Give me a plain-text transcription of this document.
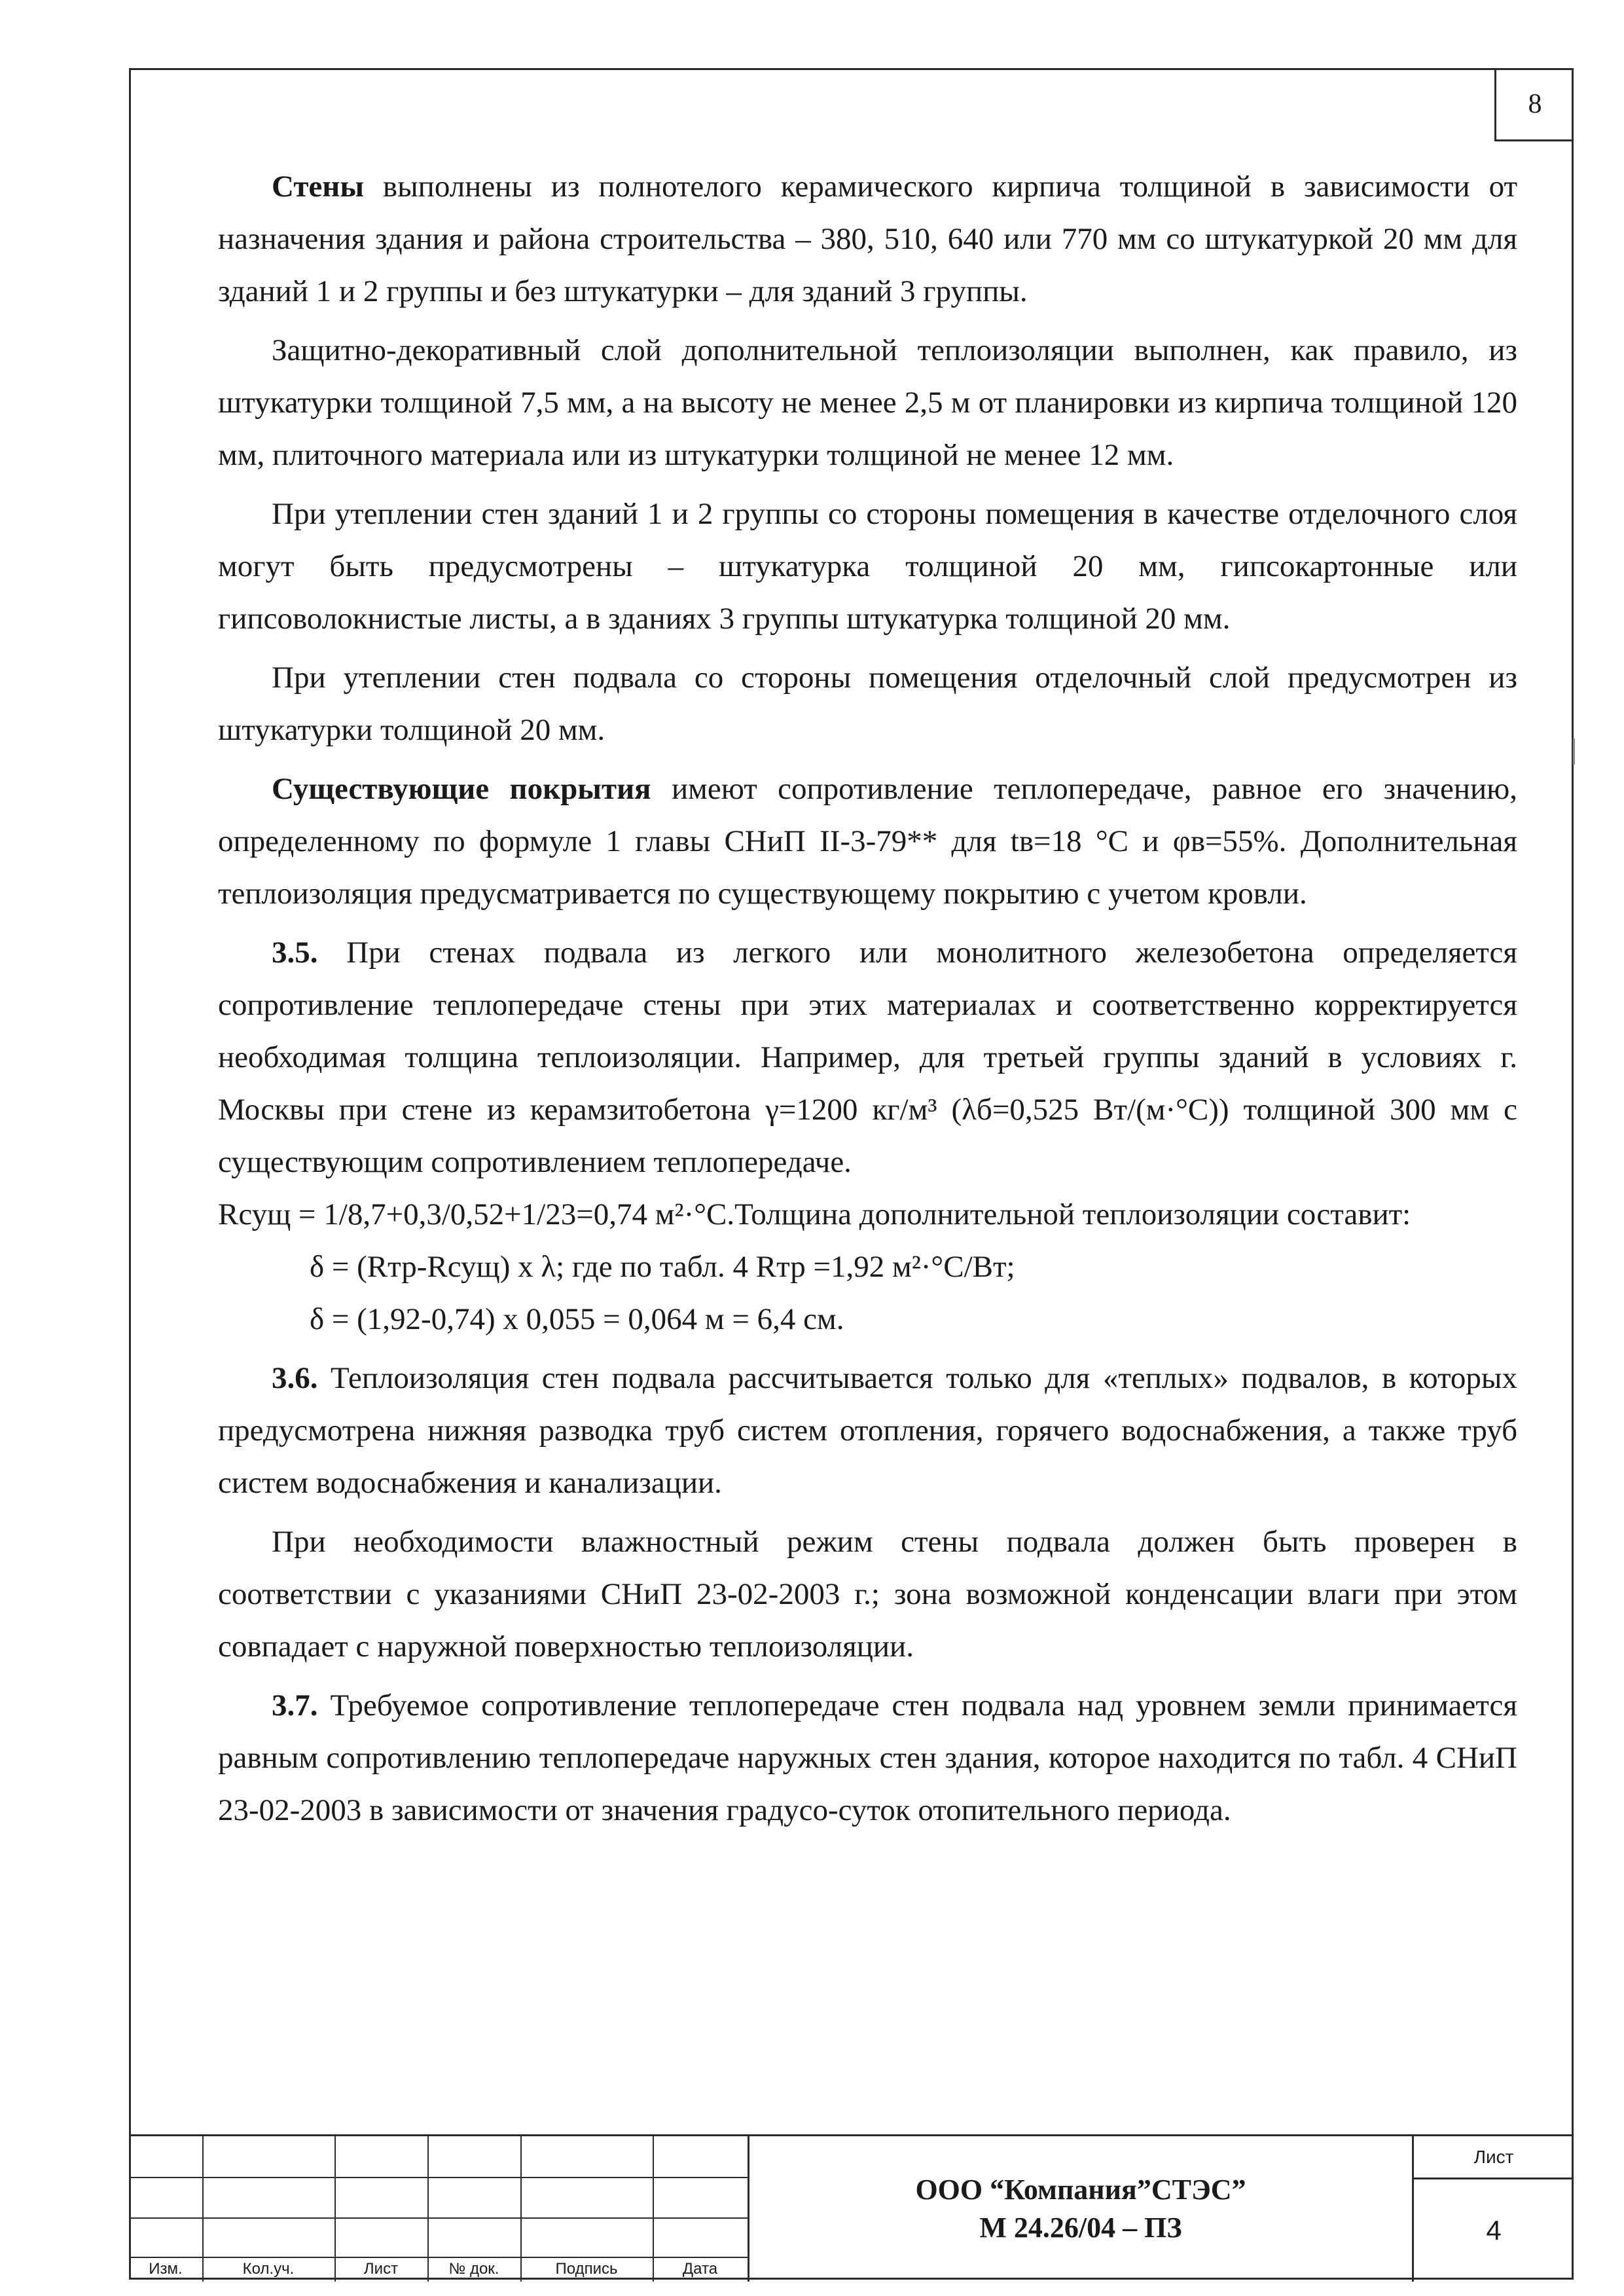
8

Стены выполнены из полнотелого керамического кирпича толщиной в зависимости от назначения здания и района строительства – 380, 510, 640 или 770 мм со штукатуркой 20 мм для зданий 1 и 2 группы и без штукатурки – для зданий 3 группы.

Защитно-декоративный слой дополнительной теплоизоляции выполнен, как правило, из штукатурки толщиной 7,5 мм, а на высоту не менее 2,5 м от планировки из кирпича толщиной 120 мм, плиточного материала или из штукатурки толщиной не менее 12 мм.

При утеплении стен зданий 1 и 2 группы со стороны помещения в качестве отделочного слоя могут быть предусмотрены – штукатурка толщиной 20 мм, гипсокартонные или гипсоволокнистые листы, а в зданиях 3 группы штукатурка толщиной 20 мм.

При утеплении стен подвала со стороны помещения отделочный слой предусмотрен из штукатурки толщиной 20 мм.

Существующие покрытия имеют сопротивление теплопередаче, равное его значению, определенному по формуле 1 главы СНиП II-3-79** для tв=18 °С и φв=55%. Дополнительная теплоизоляция предусматривается по существующему покрытию с учетом кровли.

3.5. При стенах подвала из легкого или монолитного железобетона определяется сопротивление теплопередаче стены при этих материалах и соответственно корректируется необходимая толщина теплоизоляции. Например, для третьей группы зданий в условиях г. Москвы при стене из керамзитобетона γ=1200 кг/м³ (λб=0,525 Вт/(м·°С)) толщиной 300 мм с существующим сопротивлением теплопередаче.

Rсущ = 1/8,7+0,3/0,52+1/23=0,74 м²·°С.Толщина дополнительной теплоизоляции составит:

δ = (Rтр-Rсущ) х λ; где по табл. 4 Rтр =1,92 м²·°С/Вт;

δ = (1,92-0,74) х 0,055 = 0,064 м = 6,4 см.

3.6. Теплоизоляция стен подвала рассчитывается только для «теплых» подвалов, в которых предусмотрена нижняя разводка труб систем отопления, горячего водоснабжения, а также труб систем водоснабжения и канализации.

При необходимости влажностный режим стены подвала должен быть проверен в соответствии с указаниями СНиП 23-02-2003 г.; зона возможной конденсации влаги при этом совпадает с наружной поверхностью теплоизоляции.

3.7. Требуемое сопротивление теплопередаче стен подвала над уровнем земли принимается равным сопротивлению теплопередаче наружных стен здания, которое находится по табл. 4 СНиП 23-02-2003 в зависимости от значения градусо-суток отопительного периода.

Изм.	Кол.уч.	Лист	№ док.	Подпись	Дата
ООО “Компания”СТЭС”
М 24.26/04 – ПЗ
Лист
4
